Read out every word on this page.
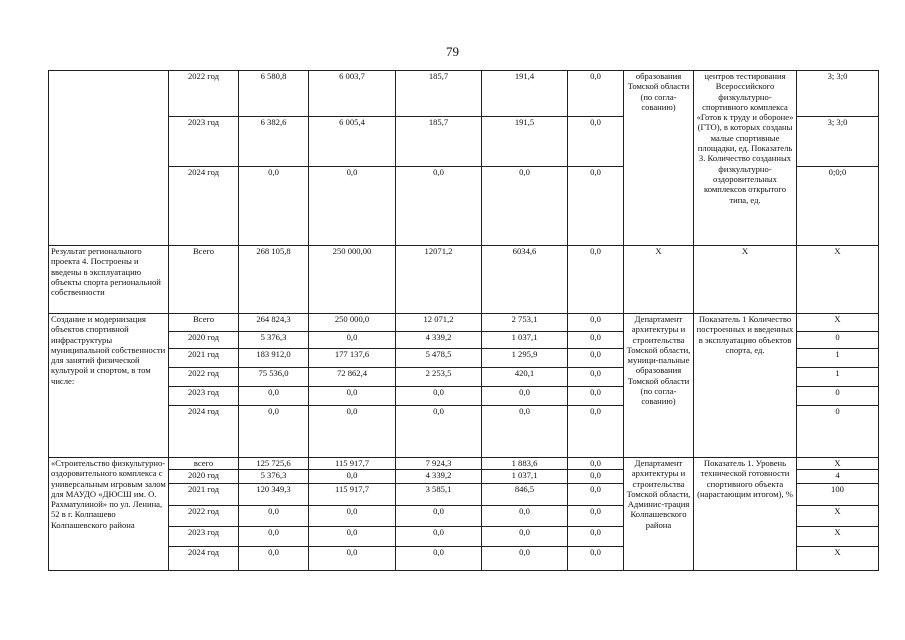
79
	2022 год	6 580,8	6 003,7	185,7	191,4	0,0	образования Томской области (по согла-сованию)	центров тестирования Всероссийского физкультурно-спортивного комплекса «Готов к труду и обороне» (ГТО), в которых созданы малые спортивные площадки, ед. Показатель 3. Количество созданных физкультурно-оздоровительных комплексов открытого типа, ед.	3; 3;0
	2023 год	6 382,6	6 005,4	185,7	191,5	0,0			3; 3;0
	2024 год	0,0	0,0	0,0	0,0	0,0			0;0;0
Результат регионального проекта 4. Построены и введены в эксплуатацию объекты спорта региональной собственности	Всего	268 105,8	250 000,00	12071,2	6034,6	0,0	X	X	X
Создание и модернизация объектов спортивной инфраструктуры муниципальной собственности для занятий физической культурой и спортом, в том числе:	Всего	264 824,3	250 000,0	12 071,2	2 753,1	0,0	Департамент архитектуры и строительства Томской области, муници-пальные образования Томской области (по согла-сованию)	Показатель 1 Количество построенных и введенных в эксплуатацию объектов спорта, ед.	X
	2020 год	5 376,3	0,0	4 339,2	1 037,1	0,0			0
	2021 год	183 912,0	177 137,6	5 478,5	1 295,9	0,0			1
	2022 год	75 536,0	72 862,4	2 253,5	420,1	0,0			1
	2023 год	0,0	0,0	0,0	0,0	0,0			0
	2024 год	0,0	0,0	0,0	0,0	0,0			0
«Строительство физкультурно-оздоровительного комплекса с универсальным игровым залом для МАУДО «ДЮСШ им. О. Рахматулиной» по ул. Ленина, 52 в г. Колпашево Колпашевского района	всего	125 725,6	115 917,7	7 924,3	1 883,6	0,0	Департамент архитектуры и строительства Томской области, Админис-трация Колпашевского района	Показатель 1. Уровень технической готовности спортивного объекта (нарастающим итогом), %	X
	2020 год	5 376,3	0,0	4 339,2	1 037,1	0,0			4
	2021 год	120 349,3	115 917,7	3 585,1	846,5	0,0			100
	2022 год	0,0	0,0	0,0	0,0	0,0			X
	2023 год	0,0	0,0	0,0	0,0	0,0			X
	2024 год	0,0	0,0	0,0	0,0	0,0			X
